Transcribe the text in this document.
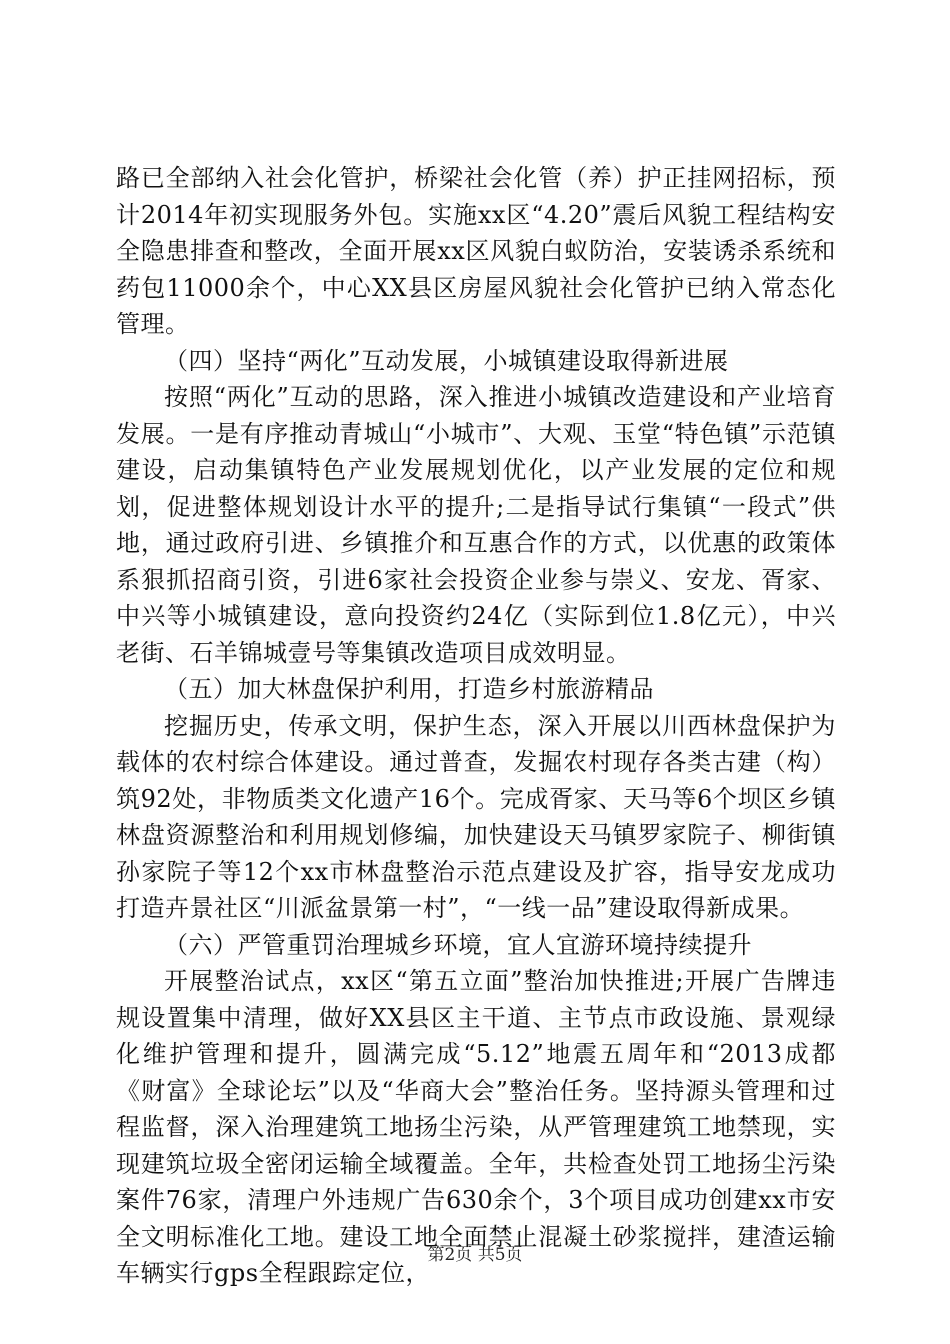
路已全部纳入社会化管护，桥梁社会化管（养）护正挂网招标，预计2014年初实现服务外包。实施xx区“4.20”震后风貌工程结构安全隐患排查和整改，全面开展xx区风貌白蚁防治，安装诱杀系统和药包11000余个，中心XX县区房屋风貌社会化管护已纳入常态化管理。

（四）坚持“两化”互动发展，小城镇建设取得新进展

按照“两化”互动的思路，深入推进小城镇改造建设和产业培育发展。一是有序推动青城山“小城市”、大观、玉堂“特色镇”示范镇建设，启动集镇特色产业发展规划优化，以产业发展的定位和规划，促进整体规划设计水平的提升;二是指导试行集镇“一段式”供地，通过政府引进、乡镇推介和互惠合作的方式，以优惠的政策体系狠抓招商引资，引进6家社会投资企业参与崇义、安龙、胥家、中兴等小城镇建设，意向投资约24亿（实际到位1.8亿元），中兴老街、石羊锦城壹号等集镇改造项目成效明显。

（五）加大林盘保护利用，打造乡村旅游精品

挖掘历史，传承文明，保护生态，深入开展以川西林盘保护为载体的农村综合体建设。通过普查，发掘农村现存各类古建（构）筑92处，非物质类文化遗产16个。完成胥家、天马等6个坝区乡镇林盘资源整治和利用规划修编，加快建设天马镇罗家院子、柳街镇孙家院子等12个xx市林盘整治示范点建设及扩容，指导安龙成功打造卉景社区“川派盆景第一村”，“一线一品”建设取得新成果。

（六）严管重罚治理城乡环境，宜人宜游环境持续提升

开展整治试点，xx区“第五立面”整治加快推进;开展广告牌违规设置集中清理，做好XX县区主干道、主节点市政设施、景观绿化维护管理和提升，圆满完成“5.12”地震五周年和“2013成都《财富》全球论坛”以及“华商大会”整治任务。坚持源头管理和过程监督，深入治理建筑工地扬尘污染，从严管理建筑工地禁现，实现建筑垃圾全密闭运输全域覆盖。全年，共检查处罚工地扬尘污染案件76家，清理户外违规广告630余个，3个项目成功创建xx市安全文明标准化工地。建设工地全面禁止混凝土砂浆搅拌，建渣运输车辆实行gps全程跟踪定位，

第2页 共5页
